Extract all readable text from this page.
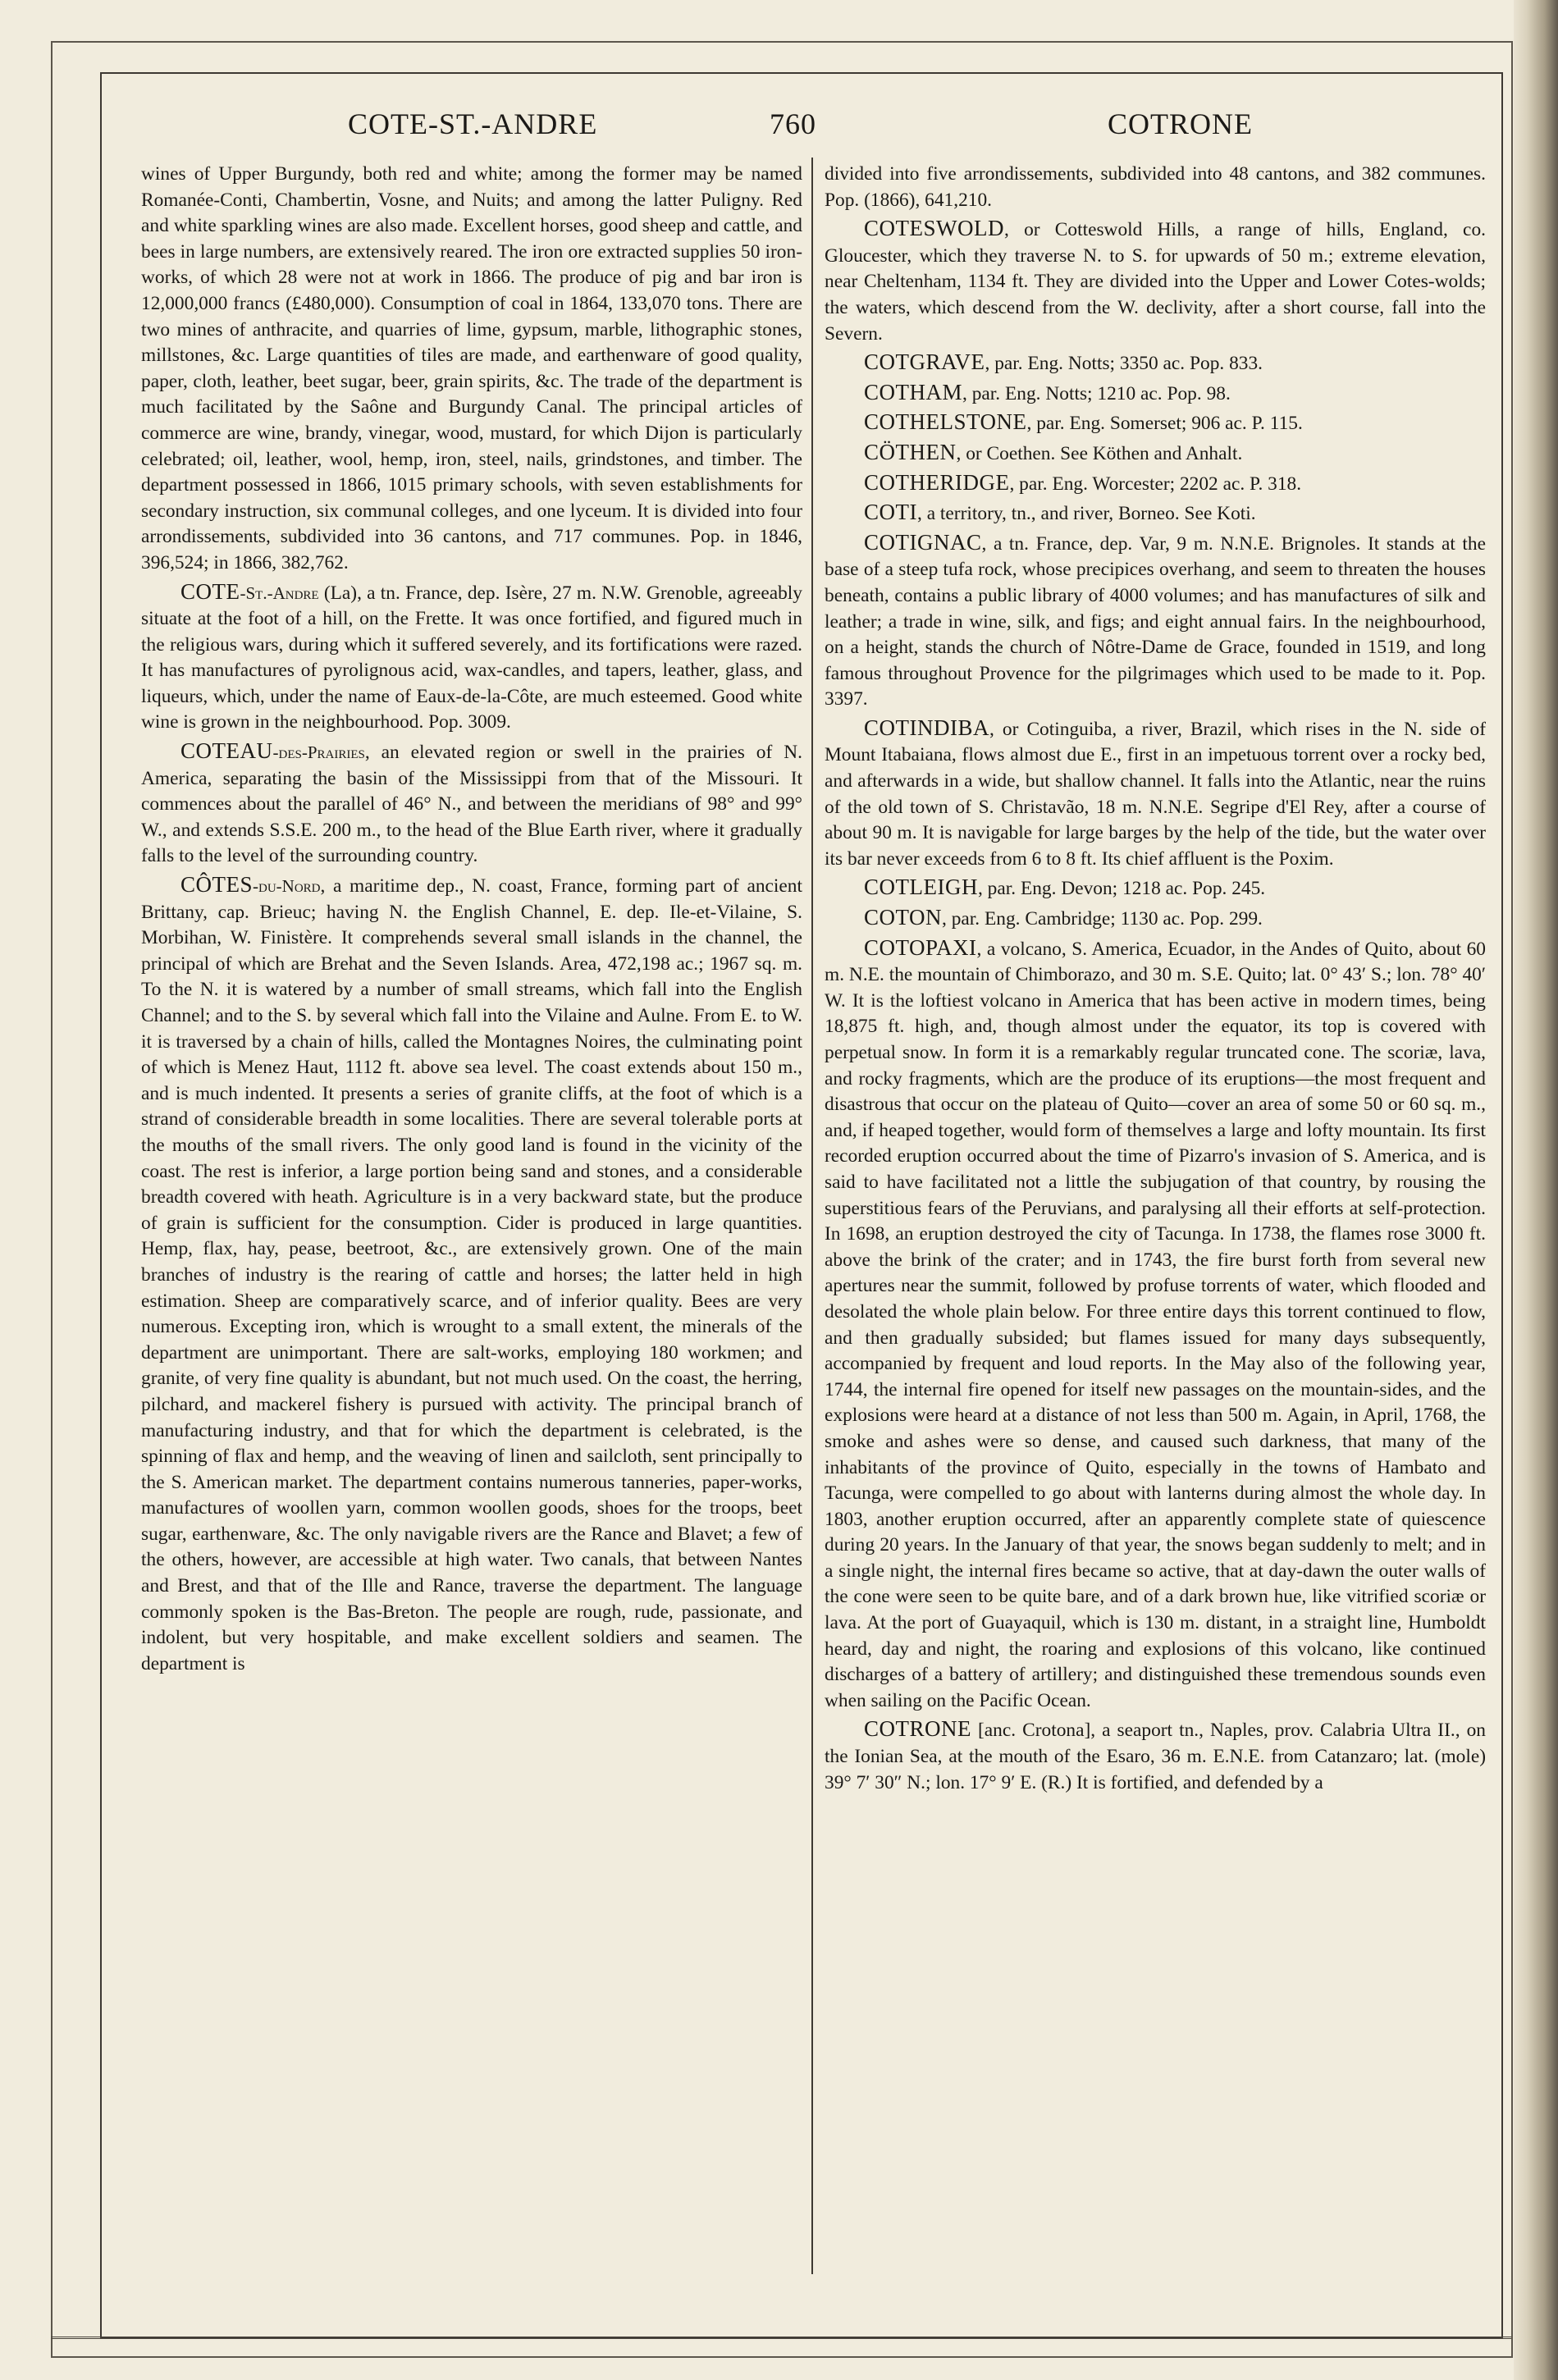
COTE-ST.-ANDRE	760	COTRONE

wines of Upper Burgundy, both red and white; among the former may be named Romanée-Conti, Chambertin, Vosne, and Nuits; and among the latter Puligny. Red and white sparkling wines are also made. Excellent horses, good sheep and cattle, and bees in large numbers, are extensively reared. The iron ore extracted supplies 50 iron-works, of which 28 were not at work in 1866. The produce of pig and bar iron is 12,000,000 francs (£480,000). Consumption of coal in 1864, 133,070 tons. There are two mines of anthracite, and quarries of lime, gypsum, marble, lithographic stones, millstones, &c. Large quantities of tiles are made, and earthenware of good quality, paper, cloth, leather, beet sugar, beer, grain spirits, &c. The trade of the department is much facilitated by the Saône and Burgundy Canal. The principal articles of commerce are wine, brandy, vinegar, wood, mustard, for which Dijon is particularly celebrated; oil, leather, wool, hemp, iron, steel, nails, grindstones, and timber. The department possessed in 1866, 1015 primary schools, with seven establishments for secondary instruction, six communal colleges, and one lyceum. It is divided into four arrondissements, subdivided into 36 cantons, and 717 communes. Pop. in 1846, 396,524; in 1866, 382,762.

COTE-St.-Andre (La), a tn. France, dep. Isère, 27 m. N.W. Grenoble, agreeably situate at the foot of a hill, on the Frette. It was once fortified, and figured much in the religious wars, during which it suffered severely, and its fortifications were razed. It has manufactures of pyrolignous acid, wax-candles, and tapers, leather, glass, and liqueurs, which, under the name of Eaux-de-la-Côte, are much esteemed. Good white wine is grown in the neighbourhood. Pop. 3009.

COTEAU-des-Prairies, an elevated region or swell in the prairies of N. America, separating the basin of the Mississippi from that of the Missouri. It commences about the parallel of 46° N., and between the meridians of 98° and 99° W., and extends S.S.E. 200 m., to the head of the Blue Earth river, where it gradually falls to the level of the surrounding country.

CÔTES-du-Nord, a maritime dep., N. coast, France, forming part of ancient Brittany, cap. Brieuc; having N. the English Channel, E. dep. Ile-et-Vilaine, S. Morbihan, W. Finistère. It comprehends several small islands in the channel, the principal of which are Brehat and the Seven Islands. Area, 472,198 ac.; 1967 sq. m. To the N. it is watered by a number of small streams, which fall into the English Channel; and to the S. by several which fall into the Vilaine and Aulne. From E. to W. it is traversed by a chain of hills, called the Montagnes Noires, the culminating point of which is Menez Haut, 1112 ft. above sea level. The coast extends about 150 m., and is much indented. It presents a series of granite cliffs, at the foot of which is a strand of considerable breadth in some localities. There are several tolerable ports at the mouths of the small rivers. The only good land is found in the vicinity of the coast. The rest is inferior, a large portion being sand and stones, and a considerable breadth covered with heath. Agriculture is in a very backward state, but the produce of grain is sufficient for the consumption. Cider is produced in large quantities. Hemp, flax, hay, pease, beetroot, &c., are extensively grown. One of the main branches of industry is the rearing of cattle and horses; the latter held in high estimation. Sheep are comparatively scarce, and of inferior quality. Bees are very numerous. Excepting iron, which is wrought to a small extent, the minerals of the department are unimportant. There are salt-works, employing 180 workmen; and granite, of very fine quality is abundant, but not much used. On the coast, the herring, pilchard, and mackerel fishery is pursued with activity. The principal branch of manufacturing industry, and that for which the department is celebrated, is the spinning of flax and hemp, and the weaving of linen and sailcloth, sent principally to the S. American market. The department contains numerous tanneries, paper-works, manufactures of woollen yarn, common woollen goods, shoes for the troops, beet sugar, earthenware, &c. The only navigable rivers are the Rance and Blavet; a few of the others, however, are accessible at high water. Two canals, that between Nantes and Brest, and that of the Ille and Rance, traverse the department. The language commonly spoken is the Bas-Breton. The people are rough, rude, passionate, and indolent, but very hospitable, and make excellent soldiers and seamen. The department is

divided into five arrondissements, subdivided into 48 cantons, and 382 communes. Pop. (1866), 641,210.

COTESWOLD, or Cotteswold Hills, a range of hills, England, co. Gloucester, which they traverse N. to S. for upwards of 50 m.; extreme elevation, near Cheltenham, 1134 ft. They are divided into the Upper and Lower Cotes-wolds; the waters, which descend from the W. declivity, after a short course, fall into the Severn.

COTGRAVE, par. Eng. Notts; 3350 ac. Pop. 833.

COTHAM, par. Eng. Notts; 1210 ac. Pop. 98.

COTHELSTONE, par. Eng. Somerset; 906 ac. P. 115.

CÖTHEN, or Coethen. See Köthen and Anhalt.

COTHERIDGE, par. Eng. Worcester; 2202 ac. P. 318.

COTI, a territory, tn., and river, Borneo. See Koti.

COTIGNAC, a tn. France, dep. Var, 9 m. N.N.E. Brignoles. It stands at the base of a steep tufa rock, whose precipices overhang, and seem to threaten the houses beneath, contains a public library of 4000 volumes; and has manufactures of silk and leather; a trade in wine, silk, and figs; and eight annual fairs. In the neighbourhood, on a height, stands the church of Nôtre-Dame de Grace, founded in 1519, and long famous throughout Provence for the pilgrimages which used to be made to it. Pop. 3397.

COTINDIBA, or Cotinguiba, a river, Brazil, which rises in the N. side of Mount Itabaiana, flows almost due E., first in an impetuous torrent over a rocky bed, and afterwards in a wide, but shallow channel. It falls into the Atlantic, near the ruins of the old town of S. Christavão, 18 m. N.N.E. Segripe d'El Rey, after a course of about 90 m. It is navigable for large barges by the help of the tide, but the water over its bar never exceeds from 6 to 8 ft. Its chief affluent is the Poxim.

COTLEIGH, par. Eng. Devon; 1218 ac. Pop. 245.

COTON, par. Eng. Cambridge; 1130 ac. Pop. 299.

COTOPAXI, a volcano, S. America, Ecuador, in the Andes of Quito, about 60 m. N.E. the mountain of Chimborazo, and 30 m. S.E. Quito; lat. 0° 43′ S.; lon. 78° 40′ W. It is the loftiest volcano in America that has been active in modern times, being 18,875 ft. high, and, though almost under the equator, its top is covered with perpetual snow. In form it is a remarkably regular truncated cone. The scoriæ, lava, and rocky fragments, which are the produce of its eruptions—the most frequent and disastrous that occur on the plateau of Quito—cover an area of some 50 or 60 sq. m., and, if heaped together, would form of themselves a large and lofty mountain. Its first recorded eruption occurred about the time of Pizarro's invasion of S. America, and is said to have facilitated not a little the subjugation of that country, by rousing the superstitious fears of the Peruvians, and paralysing all their efforts at self-protection. In 1698, an eruption destroyed the city of Tacunga. In 1738, the flames rose 3000 ft. above the brink of the crater; and in 1743, the fire burst forth from several new apertures near the summit, followed by profuse torrents of water, which flooded and desolated the whole plain below. For three entire days this torrent continued to flow, and then gradually subsided; but flames issued for many days subsequently, accompanied by frequent and loud reports. In the May also of the following year, 1744, the internal fire opened for itself new passages on the mountain-sides, and the explosions were heard at a distance of not less than 500 m. Again, in April, 1768, the smoke and ashes were so dense, and caused such darkness, that many of the inhabitants of the province of Quito, especially in the towns of Hambato and Tacunga, were compelled to go about with lanterns during almost the whole day. In 1803, another eruption occurred, after an apparently complete state of quiescence during 20 years. In the January of that year, the snows began suddenly to melt; and in a single night, the internal fires became so active, that at day-dawn the outer walls of the cone were seen to be quite bare, and of a dark brown hue, like vitrified scoriæ or lava. At the port of Guayaquil, which is 130 m. distant, in a straight line, Humboldt heard, day and night, the roaring and explosions of this volcano, like continued discharges of a battery of artillery; and distinguished these tremendous sounds even when sailing on the Pacific Ocean.

COTRONE [anc. Crotona], a seaport tn., Naples, prov. Calabria Ultra II., on the Ionian Sea, at the mouth of the Esaro, 36 m. E.N.E. from Catanzaro; lat. (mole) 39° 7′ 30″ N.; lon. 17° 9′ E. (R.) It is fortified, and defended by a
